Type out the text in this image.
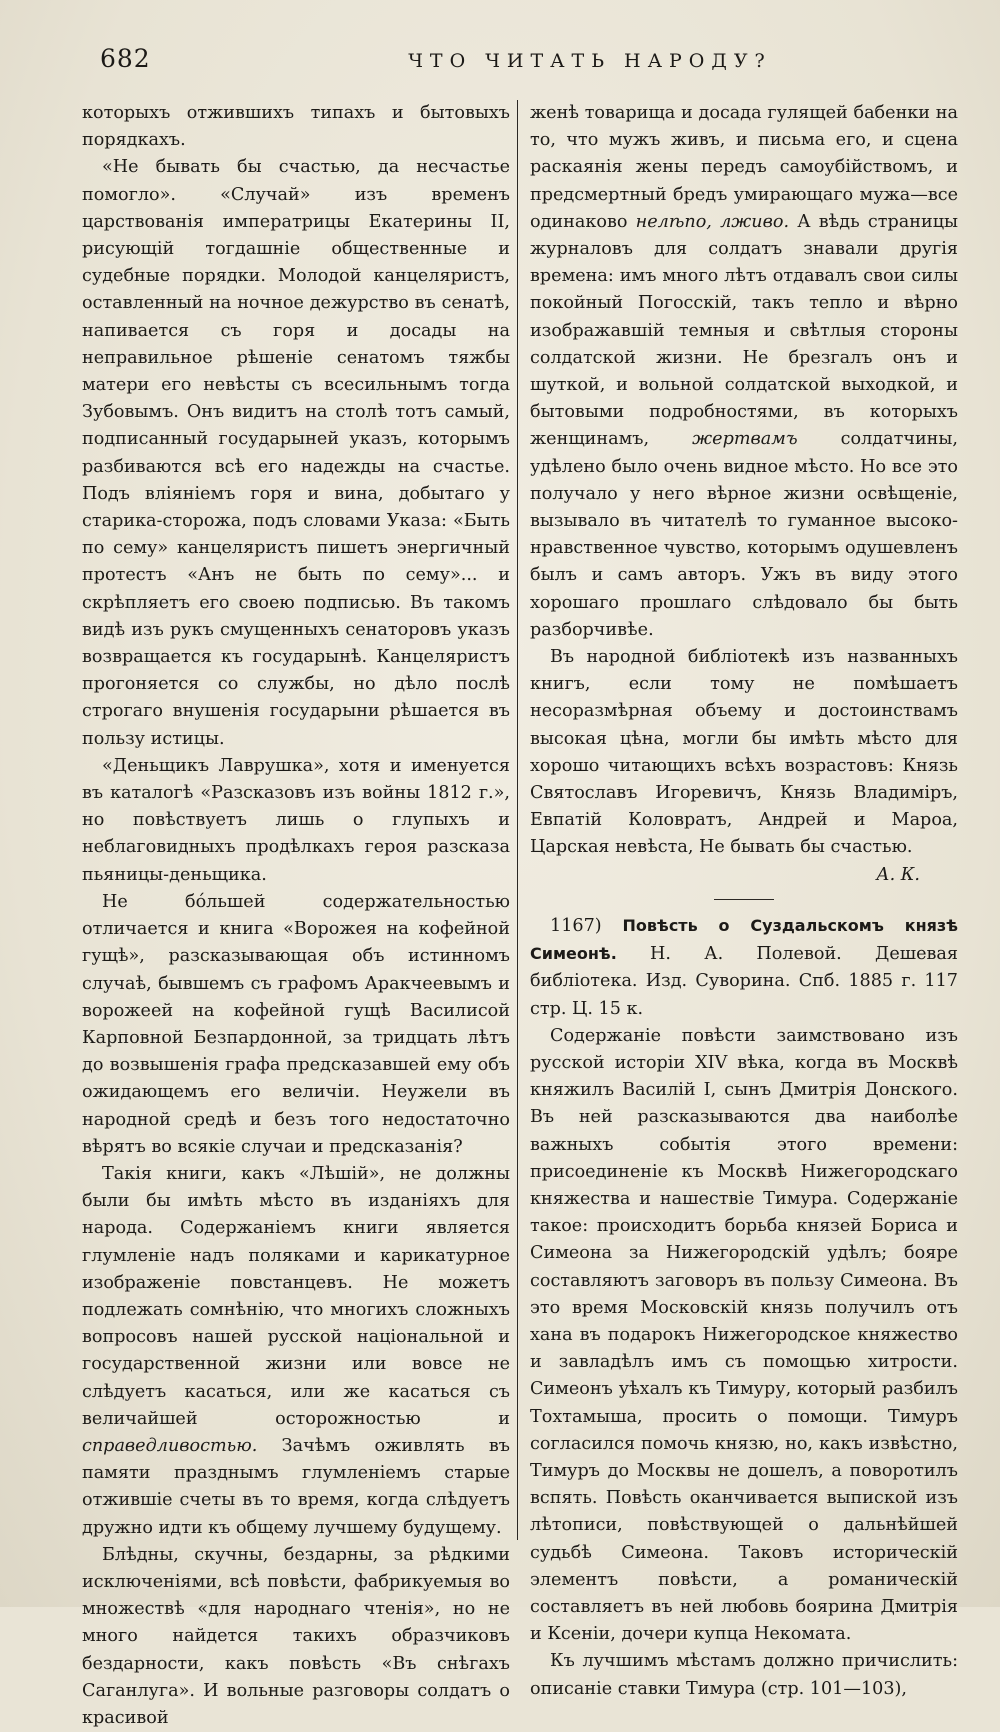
682	ЧТО ЧИТАТЬ НАРОДУ?

которыхъ отжившихъ типахъ и бытовыхъ порядкахъ.

«Не бывать бы счастью, да несчастье помогло». «Случай» изъ временъ царствованія императрицы Екатерины II, рисующій тогдашніе общественные и судебные порядки. Молодой канцеляристъ, оставленный на ночное дежурство въ сенатѣ, напивается съ горя и досады на неправильное рѣшеніе сенатомъ тяжбы матери его невѣсты съ всесильнымъ тогда Зубовымъ. Онъ видитъ на столѣ тотъ самый, подписанный государыней указъ, которымъ разбиваются всѣ его надежды на счастье. Подъ вліяніемъ горя и вина, добытаго у старика-сторожа, подъ словами Указа: «Быть по сему» канцеляристъ пишетъ энергичный протестъ «Анъ не быть по сему»... и скрѣпляетъ его своею подписью. Въ такомъ видѣ изъ рукъ смущенныхъ сенаторовъ указъ возвращается къ государынѣ. Канцеляристъ прогоняется со службы, но дѣло послѣ строгаго внушенія государыни рѣшается въ пользу истицы.

«Деньщикъ Лаврушка», хотя и именуется въ каталогѣ «Разсказовъ изъ войны 1812 г.», но повѣствуетъ лишь о глупыхъ и неблаговидныхъ продѣлкахъ героя разсказа пьяницы-деньщика.

Не бóльшей содержательностью отличается и книга «Ворожея на кофейной гущѣ», разсказывающая объ истинномъ случаѣ, бывшемъ съ графомъ Аракчеевымъ и ворожеей на кофейной гущѣ Василисой Карповной Безпардонной, за тридцать лѣтъ до возвышенія графа предсказавшей ему объ ожидающемъ его величіи. Неужели въ народной средѣ и безъ того недостаточно вѣрятъ во всякіе случаи и предсказанія?

Такія книги, какъ «Лѣшій», не должны были бы имѣть мѣсто въ изданіяхъ для народа. Содержаніемъ книги является глумленіе надъ поляками и карикатурное изображеніе повстанцевъ. Не можетъ подлежать сомнѣнію, что многихъ сложныхъ вопросовъ нашей русской національной и государственной жизни или вовсе не слѣдуетъ касаться, или же касаться съ величайшей осторожностью и справедливостью. Зачѣмъ оживлять въ памяти празднымъ глумленіемъ старые отжившіе счеты въ то время, когда слѣдуетъ дружно идти къ общему лучшему будущему.

Блѣдны, скучны, бездарны, за рѣдкими исключеніями, всѣ повѣсти, фабрикуемыя во множествѣ «для народнаго чтенія», но не много найдется такихъ образчиковъ бездарности, какъ повѣсть «Въ снѣгахъ Саганлуга». И вольные разговоры солдатъ о красивой

женѣ товарища и досада гулящей бабенки на то, что мужъ живъ, и письма его, и сцена раскаянія жены передъ самоубійствомъ, и предсмертный бредъ умирающаго мужа—все одинаково нелѣпо, лживо. А вѣдь страницы журналовъ для солдатъ знавали другія времена: имъ много лѣтъ отдавалъ свои силы покойный Погосскій, такъ тепло и вѣрно изображавшій темныя и свѣтлыя стороны солдатской жизни. Не брезгалъ онъ и шуткой, и вольной солдатской выходкой, и бытовыми подробностями, въ которыхъ женщинамъ, жертвамъ солдатчины, удѣлено было очень видное мѣсто. Но все это получало у него вѣрное жизни освѣщеніе, вызывало въ читателѣ то гуманное высоко-нравственное чувство, которымъ одушевленъ былъ и самъ авторъ. Ужъ въ виду этого хорошаго прошлаго слѣдовало бы быть разборчивѣе.

Въ народной библіотекѣ изъ названныхъ книгъ, если тому не помѣшаетъ несоразмѣрная объему и достоинствамъ высокая цѣна, могли бы имѣть мѣсто для хорошо читающихъ всѣхъ возрастовъ: Князь Святославъ Игоревичъ, Князь Владиміръ, Евпатій Коловратъ, Андрей и Мароа, Царская невѣста, Не бывать бы счастью.

А. К.

1167) Повѣсть о Суздальскомъ князѣ Симеонѣ. Н. А. Полевой. Дешевая библіотека. Изд. Суворина. Спб. 1885 г. 117 стр. Ц. 15 к.

Содержаніе повѣсти заимствовано изъ русской исторіи XIV вѣка, когда въ Москвѣ княжилъ Василій I, сынъ Дмитрія Донского. Въ ней разсказываются два наиболѣе важныхъ событія этого времени: присоединеніе къ Москвѣ Нижегородскаго княжества и нашествіе Тимура. Содержаніе такое: происходитъ борьба князей Бориса и Симеона за Нижегородскій удѣлъ; бояре составляютъ заговоръ въ пользу Симеона. Въ это время Московскій князь получилъ отъ хана въ подарокъ Нижегородское княжество и завладѣлъ имъ съ помощью хитрости. Симеонъ уѣхалъ къ Тимуру, который разбилъ Тохтамыша, просить о помощи. Тимуръ согласился помочь князю, но, какъ извѣстно, Тимуръ до Москвы не дошелъ, а поворотилъ вспять. Повѣсть оканчивается выпиской изъ лѣтописи, повѣствующей о дальнѣйшей судьбѣ Симеона. Таковъ историческій элементъ повѣсти, а романическій составляетъ въ ней любовь боярина Дмитрія и Ксеніи, дочери купца Некомата.

Къ лучшимъ мѣстамъ должно причислить: описаніе ставки Тимура (стр. 101—103),
